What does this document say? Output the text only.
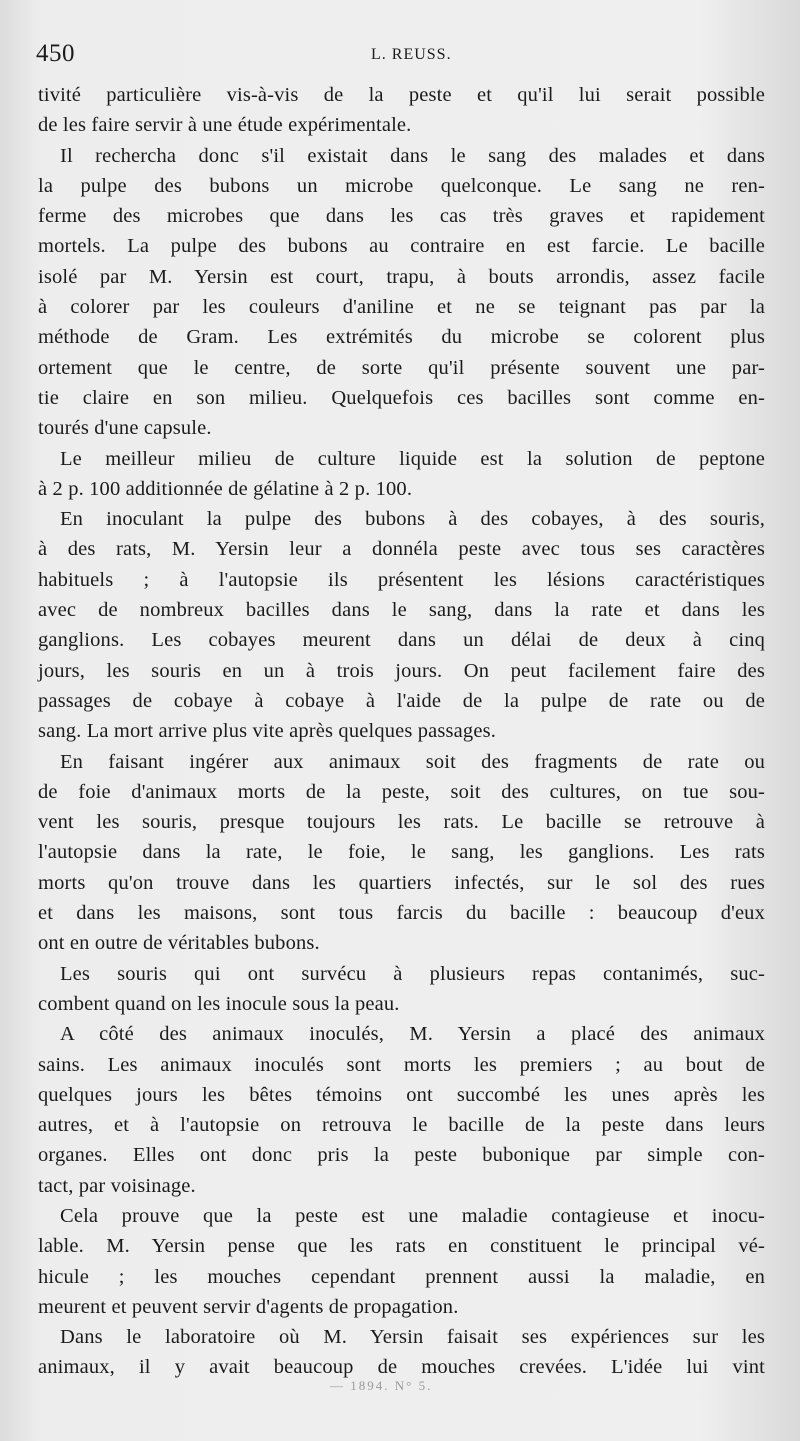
450	L. REUSS.
tivité particulière vis-à-vis de la peste et qu'il lui serait possible
de les faire servir à une étude expérimentale.
Il rechercha donc s'il existait dans le sang des malades et dans
la pulpe des bubons un microbe quelconque. Le sang ne ren-
ferme des microbes que dans les cas très graves et rapidement
mortels. La pulpe des bubons au contraire en est farcie. Le bacille
isolé par M. Yersin est court, trapu, à bouts arrondis, assez facile
à colorer par les couleurs d'aniline et ne se teignant pas par la
méthode de Gram. Les extrémités du microbe se colorent plus
ortement que le centre, de sorte qu'il présente souvent une par-
tie claire en son milieu. Quelquefois ces bacilles sont comme en-
tourés d'une capsule.
Le meilleur milieu de culture liquide est la solution de peptone
à 2 p. 100 additionnée de gélatine à 2 p. 100.
En inoculant la pulpe des bubons à des cobayes, à des souris,
à des rats, M. Yersin leur a donnéla peste avec tous ses caractères
habituels ; à l'autopsie ils présentent les lésions caractéristiques
avec de nombreux bacilles dans le sang, dans la rate et dans les
ganglions. Les cobayes meurent dans un délai de deux à cinq
jours, les souris en un à trois jours. On peut facilement faire des
passages de cobaye à cobaye à l'aide de la pulpe de rate ou de
sang. La mort arrive plus vite après quelques passages.
En faisant ingérer aux animaux soit des fragments de rate ou
de foie d'animaux morts de la peste, soit des cultures, on tue sou-
vent les souris, presque toujours les rats. Le bacille se retrouve à
l'autopsie dans la rate, le foie, le sang, les ganglions. Les rats
morts qu'on trouve dans les quartiers infectés, sur le sol des rues
et dans les maisons, sont tous farcis du bacille : beaucoup d'eux
ont en outre de véritables bubons.
Les souris qui ont survécu à plusieurs repas contanimés, suc-
combent quand on les inocule sous la peau.
A côté des animaux inoculés, M. Yersin a placé des animaux
sains. Les animaux inoculés sont morts les premiers ; au bout de
quelques jours les bêtes témoins ont succombé les unes après les
autres, et à l'autopsie on retrouva le bacille de la peste dans leurs
organes. Elles ont donc pris la peste bubonique par simple con-
tact, par voisinage.
Cela prouve que la peste est une maladie contagieuse et inocu-
lable. M. Yersin pense que les rats en constituent le principal vé-
hicule ; les mouches cependant prennent aussi la maladie, en
meurent et peuvent servir d'agents de propagation.
Dans le laboratoire où M. Yersin faisait ses expériences sur les
animaux, il y avait beaucoup de mouches crevées. L'idée lui vint
— 1894. N° 5.
